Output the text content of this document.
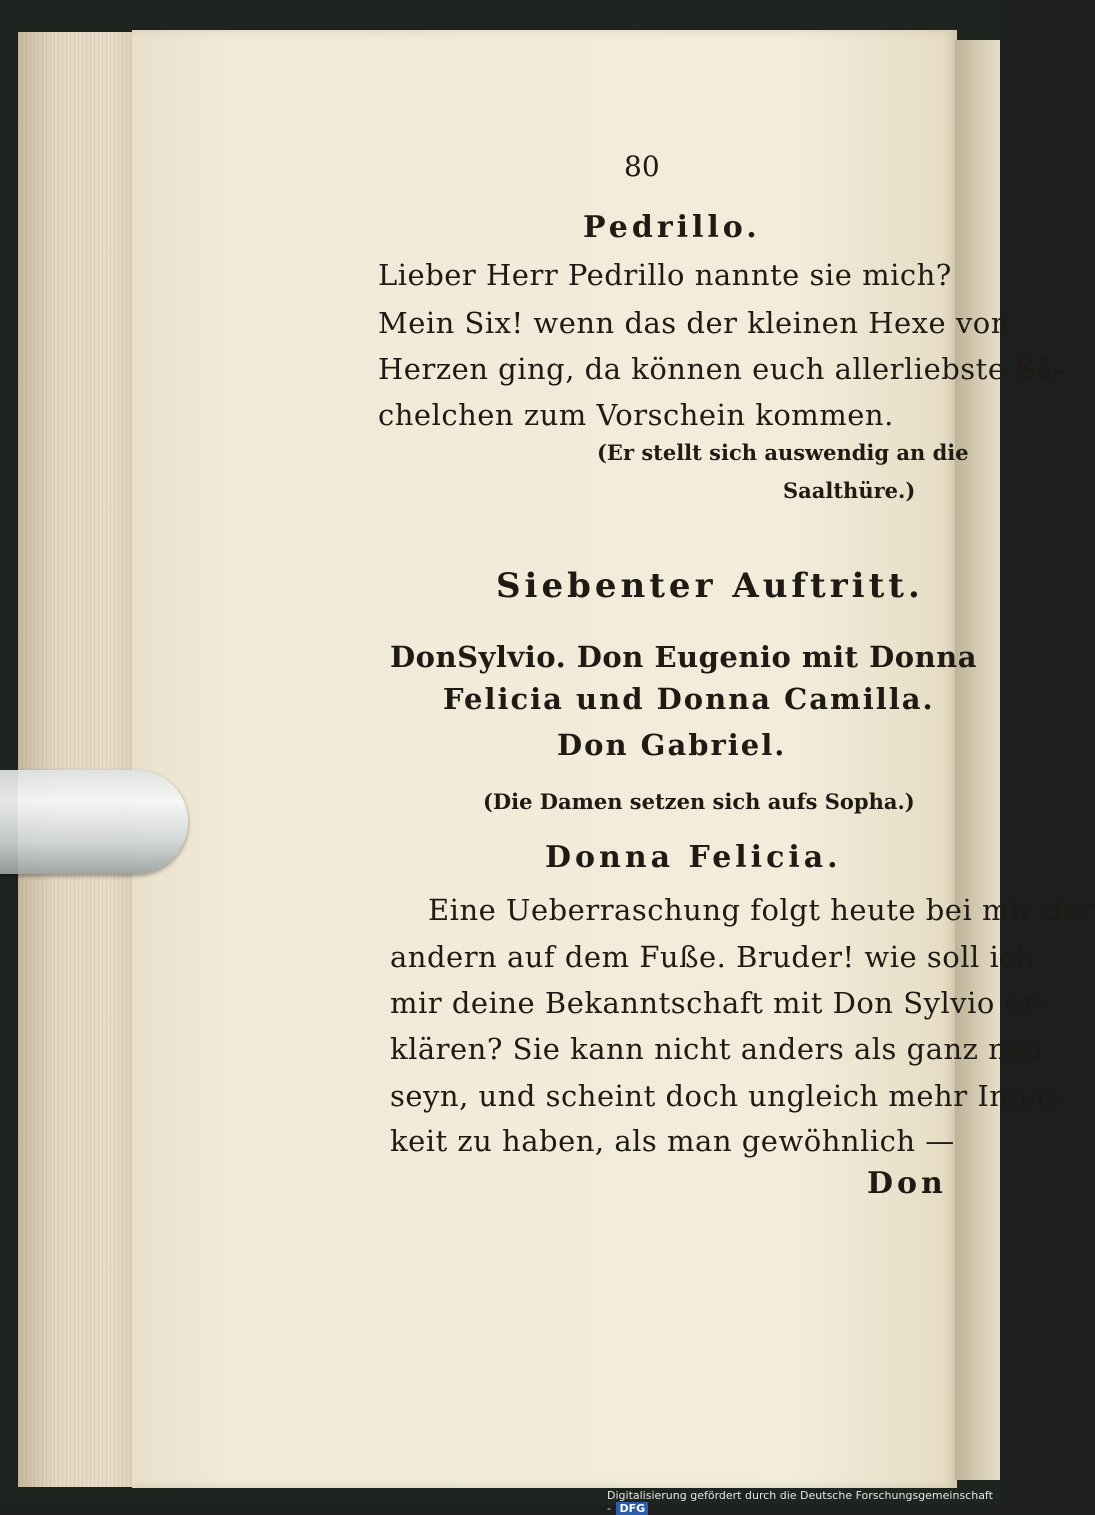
80
Pedrillo.
Lieber Herr Pedrillo nannte sie mich?
Mein Six! wenn das der kleinen Hexe von
Herzen ging, da können euch allerliebste Sä-
chelchen zum Vorschein kommen.
(Er stellt sich auswendig an die
Saalthüre.)
Siebenter Auftritt.
DonSylvio. Don Eugenio mit Donna
Felicia und Donna Camilla.
Don Gabriel.
(Die Damen setzen sich aufs Sopha.)
Donna Felicia.
Eine Ueberraschung folgt heute bei mir der
andern auf dem Fuße. Bruder! wie soll ich
mir deine Bekanntschaft mit Don Sylvio er-
klären? Sie kann nicht anders als ganz neu
seyn, und scheint doch ungleich mehr Innig-
keit zu haben, als man gewöhnlich —
Don
Digitalisierung gefördert durch die Deutsche Forschungsgemeinschaft - DFG
